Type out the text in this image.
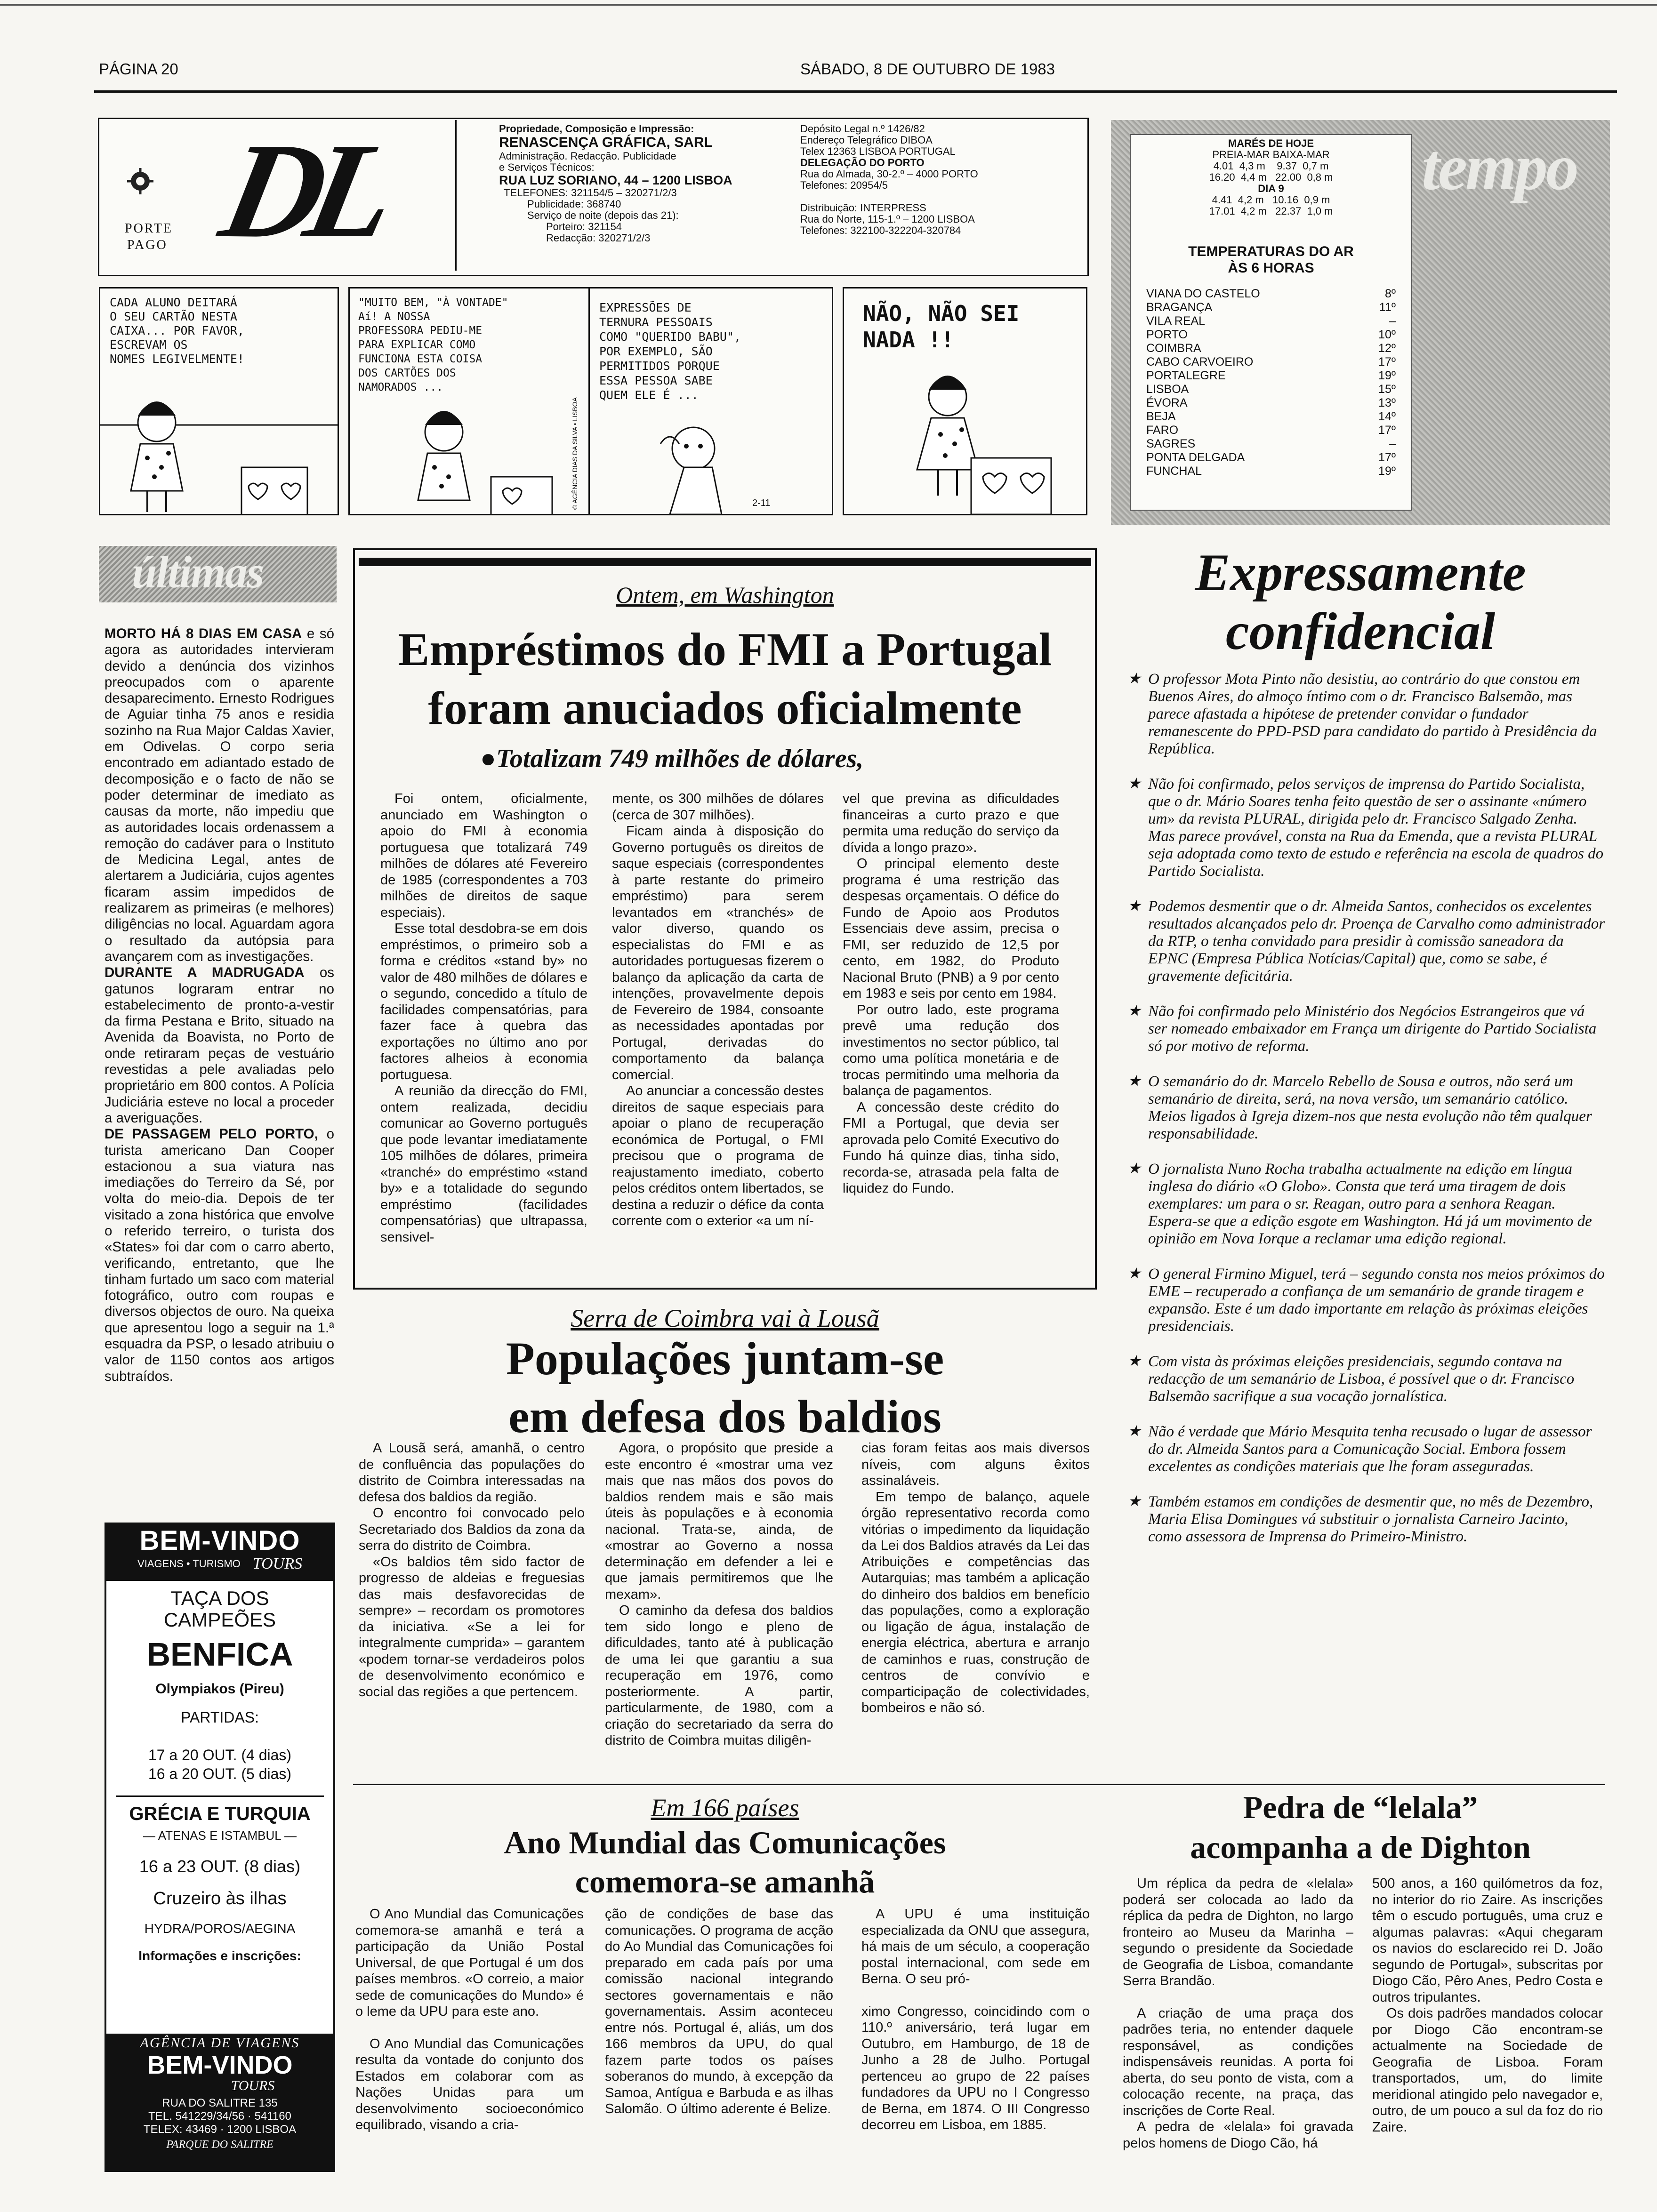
PÁGINA 20	SÁBADO, 8 DE OUTUBRO DE 1983
PORTE
PAGO DL	Propriedade, Composição e Impressão:
RENASCENÇA GRÁFICA, SARL
Administração. Redacção. Publicidade
e Serviços Técnicos:
RUA LUZ SORIANO, 44 – 1200 LISBOA
TELEFONES: 321154/5 – 320271/2/3
Publicidade: 368740
Serviço de noite (depois das 21):
Porteiro: 321154
Redacção: 320271/2/3
Depósito Legal n.º 1426/82
Endereço Telegráfico DIBOA
Telex 12363 LISBOA PORTUGAL
DELEGAÇÃO DO PORTO
Rua do Almada, 30-2.º – 4000 PORTO
Telefones: 20954/5
Distribuição: INTERPRESS
Rua do Norte, 115-1.º – 1200 LISBOA
Telefones: 322100-322204-320784
tempo
MARÉS DE HOJE
PREIA-MAR BAIXA-MAR
4.01  4,3 m    9.37  0,7 m
16.20  4,4 m   22.00  0,8 m
DIA 9
4.41  4,2 m   10.16  0,9 m
17.01  4,2 m   22.37  1,0 m
TEMPERATURAS DO AR
ÀS 6 HORAS
VIANA DO CASTELO	8º
BRAGANÇA	11º
VILA REAL	–
PORTO	10º
COIMBRA	12º
CABO CARVOEIRO	17º
PORTALEGRE	19º
LISBOA	15º
ÉVORA	13º
BEJA	14º
FARO	17º
SAGRES	–
PONTA DELGADA	17º
FUNCHAL	19º
CADA ALUNO DEITARÁ
O SEU CARTÃO NESTA
CAIXA... POR FAVOR,
ESCREVAM OS
NOMES LEGIVELMENTE!
"MUITO BEM, "À VONTADE"
Aí! A NOSSA
PROFESSORA PEDIU-ME
PARA EXPLICAR COMO
FUNCIONA ESTA COISA
DOS CARTÕES DOS
NAMORADOS ...
© AGÊNCIA DIAS DA SILVA • LISBOA
EXPRESSÕES DE
TERNURA PESSOAIS
COMO "QUERIDO BABU",
POR EXEMPLO, SÃO
PERMITIDOS PORQUE
ESSA PESSOA SABE
QUEM ELE É ...
2-11
NÃO, NÃO SEI
NADA !!
últimas

MORTO HÁ 8 DIAS EM CASA e só agora as autoridades intervieram devido a denúncia dos vizinhos preocupados com o aparente desaparecimento. Ernesto Rodrigues de Aguiar tinha 75 anos e residia sozinho na Rua Major Caldas Xavier, em Odivelas. O corpo seria encontrado em adiantado estado de decomposição e o facto de não se poder determinar de imediato as causas da morte, não impediu que as autoridades locais ordenassem a remoção do cadáver para o Instituto de Medicina Legal, antes de alertarem a Judiciária, cujos agentes ficaram assim impedidos de realizarem as primeiras (e melhores) diligências no local. Aguardam agora o resultado da autópsia para avançarem com as investigações.

DURANTE A MADRUGADA os gatunos lograram entrar no estabelecimento de pronto-a-vestir da firma Pestana e Brito, situado na Avenida da Boavista, no Porto de onde retiraram peças de vestuário revestidas a pele avaliadas pelo proprietário em 800 contos. A Polícia Judiciária esteve no local a proceder a averiguações.

DE PASSAGEM PELO PORTO, o turista americano Dan Cooper estacionou a sua viatura nas imediações do Terreiro da Sé, por volta do meio-dia. Depois de ter visitado a zona histórica que envolve o referido terreiro, o turista dos «States» foi dar com o carro aberto, verificando, entretanto, que lhe tinham furtado um saco com material fotográfico, outro com roupas e diversos objectos de ouro. Na queixa que apresentou logo a seguir na 1.ª esquadra da PSP, o lesado atribuiu o valor de 1150 contos aos artigos subtraídos.

BEM-VINDO
VIAGENS • TURISMO TOURS
TAÇA DOS
CAMPEÕES
BENFICA
Olympiakos (Pireu)
PARTIDAS:
17 a 20 OUT. (4 dias)
16 a 20 OUT. (5 dias)
GRÉCIA E TURQUIA
— ATENAS E ISTAMBUL —
16 a 23 OUT. (8 dias)
Cruzeiro às ilhas
HYDRA/POROS/AEGINA
Informações e inscrições:
AGÊNCIA DE VIAGENS
BEM-VINDO
TOURS
RUA DO SALITRE 135
TEL. 541229/34/56 · 541160
TELEX: 43469 · 1200 LISBOA
PARQUE DO SALITRE
Ontem, em Washington
Empréstimos do FMI a Portugal
foram anuciados oficialmente
●Totalizam 749 milhões de dólares,

Foi ontem, oficialmente, anunciado em Washington o apoio do FMI à economia portuguesa que totalizará 749 milhões de dólares até Fevereiro de 1985 (correspondentes a 703 milhões de direitos de saque especiais).

Esse total desdobra-se em dois empréstimos, o primeiro sob a forma e créditos «stand by» no valor de 480 milhões de dólares e o segundo, concedido a título de facilidades compensatórias, para fazer face à quebra das exportações no último ano por factores alheios à economia portuguesa.

A reunião da direcção do FMI, ontem realizada, decidiu comunicar ao Governo português que pode levantar imediatamente 105 milhões de dólares, primeira «tranché» do empréstimo «stand by» e a totalidade do segundo empréstimo (facilidades compensatórias) que ultrapassa, sensivel-

mente, os 300 milhões de dólares (cerca de 307 milhões).

Ficam ainda à disposição do Governo português os direitos de saque especiais (correspondentes à parte restante do primeiro empréstimo) para serem levantados em «tranchés» de valor diverso, quando os especialistas do FMI e as autoridades portuguesas fizerem o balanço da aplicação da carta de intenções, provavelmente depois de Fevereiro de 1984, consoante as necessidades apontadas por Portugal, derivadas do comportamento da balança comercial.

Ao anunciar a concessão destes direitos de saque especiais para apoiar o plano de recuperação económica de Portugal, o FMI precisou que o programa de reajustamento imediato, coberto pelos créditos ontem libertados, se destina a reduzir o défice da conta corrente com o exterior «a um ní-

vel que previna as dificuldades financeiras a curto prazo e que permita uma redução do serviço da dívida a longo prazo».

O principal elemento deste programa é uma restrição das despesas orçamentais. O défice do Fundo de Apoio aos Produtos Essenciais deve assim, precisa o FMI, ser reduzido de 12,5 por cento, em 1982, do Produto Nacional Bruto (PNB) a 9 por cento em 1983 e seis por cento em 1984.

Por outro lado, este programa prevê uma redução dos investimentos no sector público, tal como uma política monetária e de trocas permitindo uma melhoria da balança de pagamentos.

A concessão deste crédito do FMI a Portugal, que devia ser aprovada pelo Comité Executivo do Fundo há quinze dias, tinha sido, recorda-se, atrasada pela falta de liquidez do Fundo.

Serra de Coimbra vai à Lousã
Populações juntam-se
em defesa dos baldios

A Lousã será, amanhã, o centro de confluência das populações do distrito de Coimbra interessadas na defesa dos baldios da região.

O encontro foi convocado pelo Secretariado dos Baldios da zona da serra do distrito de Coimbra.

«Os baldios têm sido factor de progresso de aldeias e freguesias das mais desfavorecidas de sempre» – recordam os promotores da iniciativa. «Se a lei for integralmente cumprida» – garantem «podem tornar-se verdadeiros polos de desenvolvimento económico e social das regiões a que pertencem.

Agora, o propósito que preside a este encontro é «mostrar uma vez mais que nas mãos dos povos do baldios rendem mais e são mais úteis às populações e à economia nacional. Trata-se, ainda, de «mostrar ao Governo a nossa determinação em defender a lei e que jamais permitiremos que lhe mexam».

O caminho da defesa dos baldios tem sido longo e pleno de dificuldades, tanto até à publicação de uma lei que garantiu a sua recuperação em 1976, como posteriormente. A partir, particularmente, de 1980, com a criação do secretariado da serra do distrito de Coimbra muitas diligên-

cias foram feitas aos mais diversos níveis, com alguns êxitos assinaláveis.

Em tempo de balanço, aquele órgão representativo recorda como vitórias o impedimento da liquidação da Lei dos Baldios através da Lei das Atribuições e competências das Autarquias; mas também a aplicação do dinheiro dos baldios em benefício das populações, como a exploração ou ligação de água, instalação de energia eléctrica, abertura e arranjo de caminhos e ruas, construção de centros de convívio e comparticipação de colectividades, bombeiros e não só.

Em 166 países
Ano Mundial das Comunicações
comemora-se amanhã

O Ano Mundial das Comunicações comemora-se amanhã e terá a participação da União Postal Universal, de que Portugal é um dos países membros. «O correio, a maior sede de comunicações do Mundo» é o leme da UPU para este ano.

O Ano Mundial das Comunicações resulta da vontade do conjunto dos Estados em colaborar com as Nações Unidas para um desenvolvimento socioeconómico equilibrado, visando a cria-

ção de condições de base das comunicações. O programa de acção do Ao Mundial das Comunicações foi preparado em cada país por uma comissão nacional integrando sectores governamentais e não governamentais. Assim aconteceu entre nós. Portugal é, aliás, um dos 166 membros da UPU, do qual fazem parte todos os países soberanos do mundo, à excepção da Samoa, Antígua e Barbuda e as ilhas Salomão. O último aderente é Belize.

A UPU é uma instituição especializada da ONU que assegura, há mais de um século, a cooperação postal internacional, com sede em Berna. O seu pró-

ximo Congresso, coincidindo com o 110.º aniversário, terá lugar em Outubro, em Hamburgo, de 18 de Junho a 28 de Julho. Portugal pertenceu ao grupo de 22 países fundadores da UPU no I Congresso de Berna, em 1874. O III Congresso decorreu em Lisboa, em 1885.

Expressamente
confidencial
★ O professor Mota Pinto não desistiu, ao contrário do que constou em Buenos Aires, do almoço íntimo com o dr. Francisco Balsemão, mas parece afastada a hipótese de pretender convidar o fundador remanescente do PPD-PSD para candidato do partido à Presidência da República.
★ Não foi confirmado, pelos serviços de imprensa do Partido Socialista, que o dr. Mário Soares tenha feito questão de ser o assinante «número um» da revista PLURAL, dirigida pelo dr. Francisco Salgado Zenha. Mas parece provável, consta na Rua da Emenda, que a revista PLURAL seja adoptada como texto de estudo e referência na escola de quadros do Partido Socialista.
★ Podemos desmentir que o dr. Almeida Santos, conhecidos os excelentes resultados alcançados pelo dr. Proença de Carvalho como administrador da RTP, o tenha convidado para presidir à comissão saneadora da EPNC (Empresa Pública Notícias/Capital) que, como se sabe, é gravemente deficitária.
★ Não foi confirmado pelo Ministério dos Negócios Estrangeiros que vá ser nomeado embaixador em França um dirigente do Partido Socialista só por motivo de reforma.
★ O semanário do dr. Marcelo Rebello de Sousa e outros, não será um semanário de direita, será, na nova versão, um semanário católico. Meios ligados à Igreja dizem-nos que nesta evolução não têm qualquer responsabilidade.
★ O jornalista Nuno Rocha trabalha actualmente na edição em língua inglesa do diário «O Globo». Consta que terá uma tiragem de dois exemplares: um para o sr. Reagan, outro para a senhora Reagan. Espera-se que a edição esgote em Washington. Há já um movimento de opinião em Nova Iorque a reclamar uma edição regional.
★ O general Firmino Miguel, terá – segundo consta nos meios próximos do EME – recuperado a confiança de um semanário de grande tiragem e expansão. Este é um dado importante em relação às próximas eleições presidenciais.
★ Com vista às próximas eleições presidenciais, segundo contava na redacção de um semanário de Lisboa, é possível que o dr. Francisco Balsemão sacrifique a sua vocação jornalística.
★ Não é verdade que Mário Mesquita tenha recusado o lugar de assessor do dr. Almeida Santos para a Comunicação Social. Embora fossem excelentes as condições materiais que lhe foram asseguradas.
★ Também estamos em condições de desmentir que, no mês de Dezembro, Maria Elisa Domingues vá substituir o jornalista Carneiro Jacinto, como assessora de Imprensa do Primeiro-Ministro.
Pedra de “lelala”
acompanha a de Dighton

Um réplica da pedra de «lelala» poderá ser colocada ao lado da réplica da pedra de Dighton, no largo fronteiro ao Museu da Marinha – segundo o presidente da Sociedade de Geografia de Lisboa, comandante Serra Brandão.

A criação de uma praça dos padrões teria, no entender daquele responsável, as condições indispensáveis reunidas. A porta foi aberta, do seu ponto de vista, com a colocação recente, na praça, das inscrições de Corte Real.

A pedra de «lelala» foi gravada pelos homens de Diogo Cão, há

500 anos, a 160 quilómetros da foz, no interior do rio Zaire. As inscrições têm o escudo português, uma cruz e algumas palavras: «Aqui chegaram os navios do esclarecido rei D. João segundo de Portugal», subscritas por Diogo Cão, Pêro Anes, Pedro Costa e outros tripulantes.

Os dois padrões mandados colocar por Diogo Cão encontram-se actualmente na Sociedade de Geografia de Lisboa. Foram transportados, um, do limite meridional atingido pelo navegador e, outro, de um pouco a sul da foz do rio Zaire.
